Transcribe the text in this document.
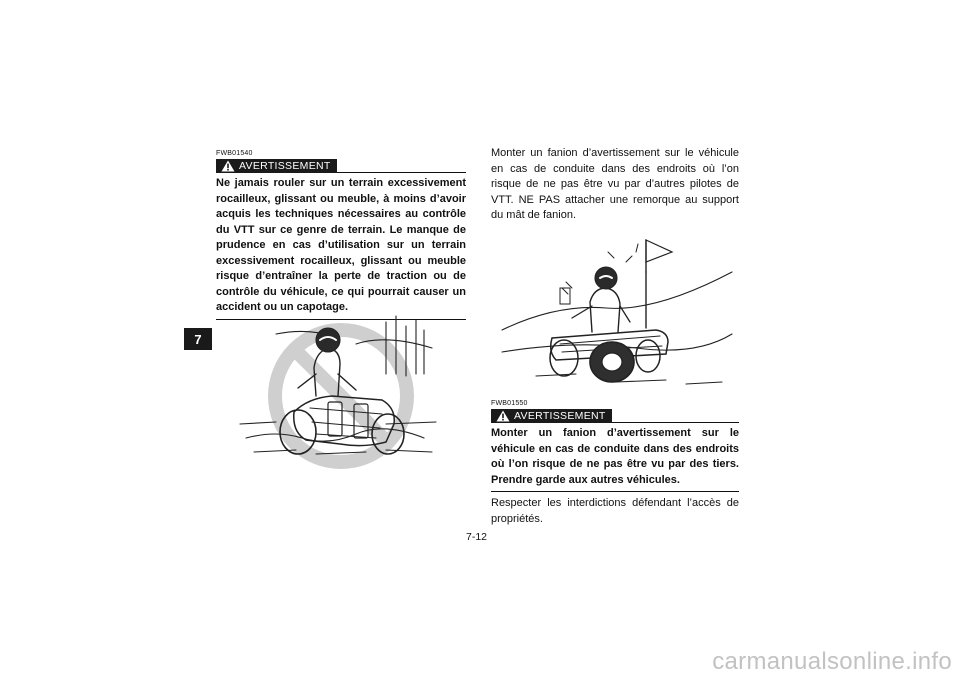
7
FWB01540
AVERTISSEMENT

Ne jamais rouler sur un terrain excessivement rocailleux, glissant ou meuble, à moins d’avoir acquis les techniques nécessaires au contrôle du VTT sur ce genre de terrain. Le manque de prudence en cas d’utilisation sur un terrain excessivement rocailleux, glissant ou meuble risque d’entraîner la perte de traction ou de contrôle du véhicule, ce qui pourrait causer un accident ou un capotage.

Monter un fanion d’avertissement sur le véhicule en cas de conduite dans des endroits où l’on risque de ne pas être vu par d’autres pilotes de VTT. NE PAS attacher une remorque au support du mât de fanion.

FWB01550
AVERTISSEMENT

Monter un fanion d’avertissement sur le véhicule en cas de conduite dans des endroits où l’on risque de ne pas être vu par des tiers. Prendre garde aux autres véhicules.

Respecter les interdictions défendant l’accès de propriétés.

7-12
carmanualsonline.info
